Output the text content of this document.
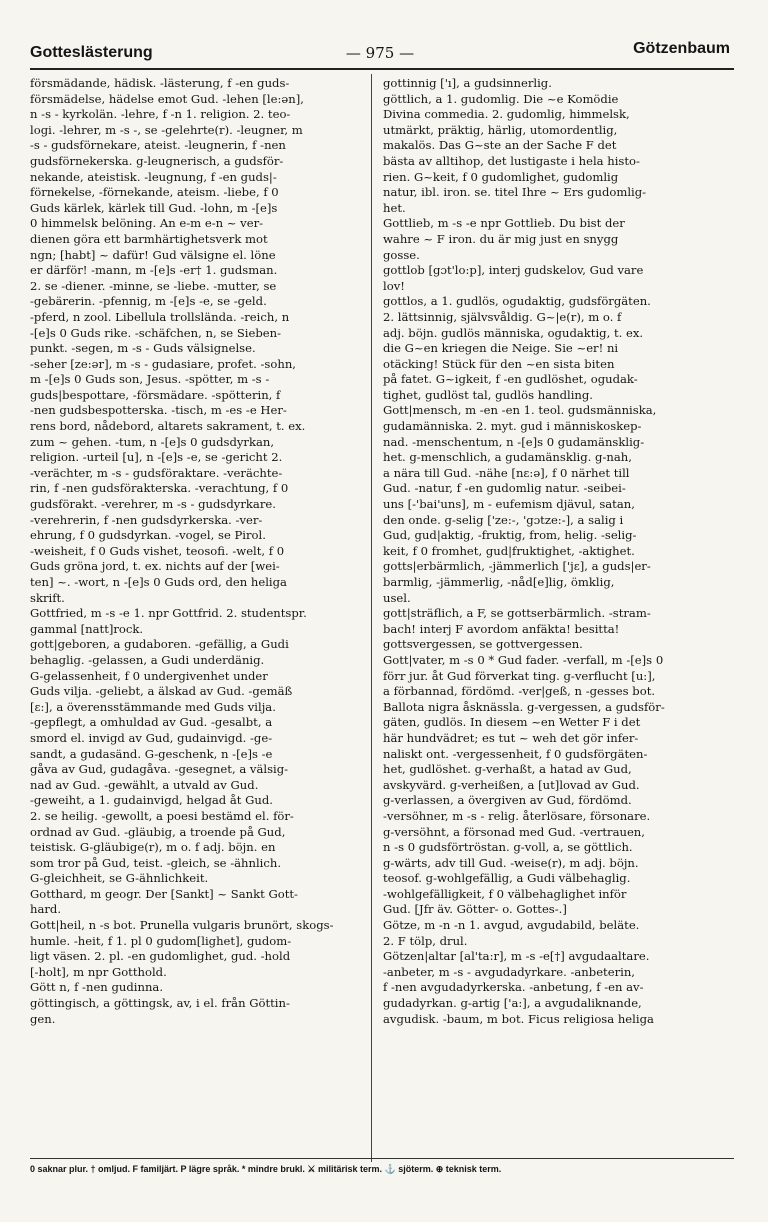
Gotteslästerung	— 975 —	Götzenbaum
försmädande, hädisk. -lästerung, f -en guds-
försmädelse, hädelse emot Gud. -lehen [le:ən],
n -s - kyrkolän. -lehre, f -n 1. religion. 2. teo-
logi. -lehrer, m -s -, se -gelehrte(r). -leugner, m
-s - gudsförnekare, ateist. -leugnerin, f -nen
gudsförnekerska. g-leugnerisch, a gudsför-
nekande, ateistisk. -leugnung, f -en guds|-
förnekelse, -förnekande, ateism. -liebe, f 0
Guds kärlek, kärlek till Gud. -lohn, m -[e]s
0 himmelsk belöning. An e-m e-n ~ ver-
dienen göra ett barmhärtighetsverk mot
ngn; [habt] ~ dafür! Gud välsigne el. löne
er därför! -mann, m -[e]s -er† 1. gudsman.
2. se -diener. -minne, se -liebe. -mutter, se
-gebärerin. -pfennig, m -[e]s -e, se -geld.
-pferd, n zool. Libellula trollslända. -reich, n
-[e]s 0 Guds rike. -schäfchen, n, se Sieben-
punkt. -segen, m -s - Guds välsignelse.
-seher [ze:ər], m -s - gudasiare, profet. -sohn,
m -[e]s 0 Guds son, Jesus. -spötter, m -s -
guds|bespottare, -försmädare. -spötterin, f
-nen gudsbespotterska. -tisch, m -es -e Her-
rens bord, nådebord, altarets sakrament, t. ex.
zum ~ gehen. -tum, n -[e]s 0 gudsdyrkan,
religion. -urteil [u], n -[e]s -e, se -gericht 2.
-verächter, m -s - gudsföraktare. -verächte-
rin, f -nen gudsförakterska. -verachtung, f 0
gudsförakt. -verehrer, m -s - gudsdyrkare.
-verehrerin, f -nen gudsdyrkerska. -ver-
ehrung, f 0 gudsdyrkan. -vogel, se Pirol.
-weisheit, f 0 Guds vishet, teosofi. -welt, f 0
Guds gröna jord, t. ex. nichts auf der [wei-
ten] ~. -wort, n -[e]s 0 Guds ord, den heliga
skrift.
Gottfried, m -s -e 1. npr Gottfrid. 2. studentspr.
gammal [natt]rock.
gott|geboren, a gudaboren. -gefällig, a Gudi
behaglig. -gelassen, a Gudi underdänig.
G-gelassenheit, f 0 undergivenhet under
Guds vilja. -geliebt, a älskad av Gud. -gemäß
[ɛ:], a överensstämmande med Guds vilja.
-gepflegt, a omhuldad av Gud. -gesalbt, a
smord el. invigd av Gud, gudainvigd. -ge-
sandt, a gudasänd. G-geschenk, n -[e]s -e
gåva av Gud, gudagåva. -gesegnet, a välsig-
nad av Gud. -gewählt, a utvald av Gud.
-geweiht, a 1. gudainvigd, helgad åt Gud.
2. se heilig. -gewollt, a poesi bestämd el. för-
ordnad av Gud. -gläubig, a troende på Gud,
teistisk. G-gläubige(r), m o. f adj. böjn. en
som tror på Gud, teist. -gleich, se -ähnlich.
G-gleichheit, se G-ähnlichkeit.
Gotthard, m geogr. Der [Sankt] ~ Sankt Gott-
hard.
Gott|heil, n -s bot. Prunella vulgaris brunört, skogs-
humle. -heit, f 1. pl 0 gudom[lighet], gudom-
ligt väsen. 2. pl. -en gudomlighet, gud. -hold
[-holt], m npr Gotthold.
Gött n, f -nen gudinna.
göttingisch, a göttingsk, av, i el. från Göttin-
gen.
gottinnig ['ı], a gudsinnerlig.
göttlich, a 1. gudomlig. Die ~e Komödie
Divina commedia. 2. gudomlig, himmelsk,
utmärkt, präktig, härlig, utomordentlig,
makalös. Das G~ste an der Sache F det
bästa av alltihop, det lustigaste i hela histo-
rien. G~keit, f 0 gudomlighet, gudomlig
natur, ibl. iron. se. titel Ihre ~ Ers gudomlig-
het.
Gottlieb, m -s -e npr Gottlieb. Du bist der
wahre ~ F iron. du är mig just en snygg
gosse.
gottlob [gɔt'lo:p], interj gudskelov, Gud vare
lov!
gottlos, a 1. gudlös, ogudaktig, gudsförgäten.
2. lättsinnig, självsvåldig. G~|e(r), m o. f
adj. böjn. gudlös människa, ogudaktig, t. ex.
die G~en kriegen die Neige. Sie ~er! ni
otäcking! Stück für den ~en sista biten
på fatet. G~igkeit, f -en gudlöshet, ogudak-
tighet, gudlöst tal, gudlös handling.
Gott|mensch, m -en -en 1. teol. gudsmänniska,
gudamänniska. 2. myt. gud i människoskep-
nad. -menschentum, n -[e]s 0 gudamänsklig-
het. g-menschlich, a gudamänsklig. g-nah,
a nära till Gud. -nähe [nɛ:ə], f 0 närhet till
Gud. -natur, f -en gudomlig natur. -seibei-
uns [-'bai'uns], m - eufemism djävul, satan,
den onde. g-selig ['ze:-, 'gɔtze:-], a salig i
Gud, gud|aktig, -fruktig, from, helig. -selig-
keit, f 0 fromhet, gud|fruktighet, -aktighet.
gotts|erbärmlich, -jämmerlich ['jɛ], a guds|er-
barmlig, -jämmerlig, -nåd[e]lig, ömklig,
usel.
gott|sträflich, a F, se gottserbärmlich. -stram-
bach! interj F avordom anfäkta! besitta!
gottsvergessen, se gottvergessen.
Gott|vater, m -s 0 * Gud fader. -verfall, m -[e]s 0
förr jur. åt Gud förverkat ting. g-verflucht [u:],
a förbannad, fördömd. -ver|geß, n -gesses bot.
Ballota nigra åsknässla. g-vergessen, a gudsför-
gäten, gudlös. In diesem ~en Wetter F i det
här hundvädret; es tut ~ weh det gör infer-
naliskt ont. -vergessenheit, f 0 gudsförgäten-
het, gudlöshet. g-verhaßt, a hatad av Gud,
avskyvärd. g-verheißen, a [ut]lovad av Gud.
g-verlassen, a övergiven av Gud, fördömd.
-versöhner, m -s - relig. återlösare, försonare.
g-versöhnt, a försonad med Gud. -vertrauen,
n -s 0 gudsförtröstan. g-voll, a, se göttlich.
g-wärts, adv till Gud. -weise(r), m adj. böjn.
teosof. g-wohlgefällig, a Gudi välbehaglig.
-wohlgefälligkeit, f 0 välbehaglighet inför
Gud. [Jfr äv. Götter- o. Gottes-.]
Götze, m -n -n 1. avgud, avgudabild, beläte.
2. F tölp, drul.
Götzen|altar [al'ta:r], m -s -e[†] avgudaaltare.
-anbeter, m -s - avgudadyrkare. -anbeterin,
f -nen avgudadyrkerska. -anbetung, f -en av-
gudadyrkan. g-artig ['a:], a avgudaliknande,
avgudisk. -baum, m bot. Ficus religiosa heliga
0 saknar plur. † omljud. F familjärt. P lägre språk. * mindre brukl. ⚔ militärisk term. ⚓ sjöterm. ⊕ teknisk term.
